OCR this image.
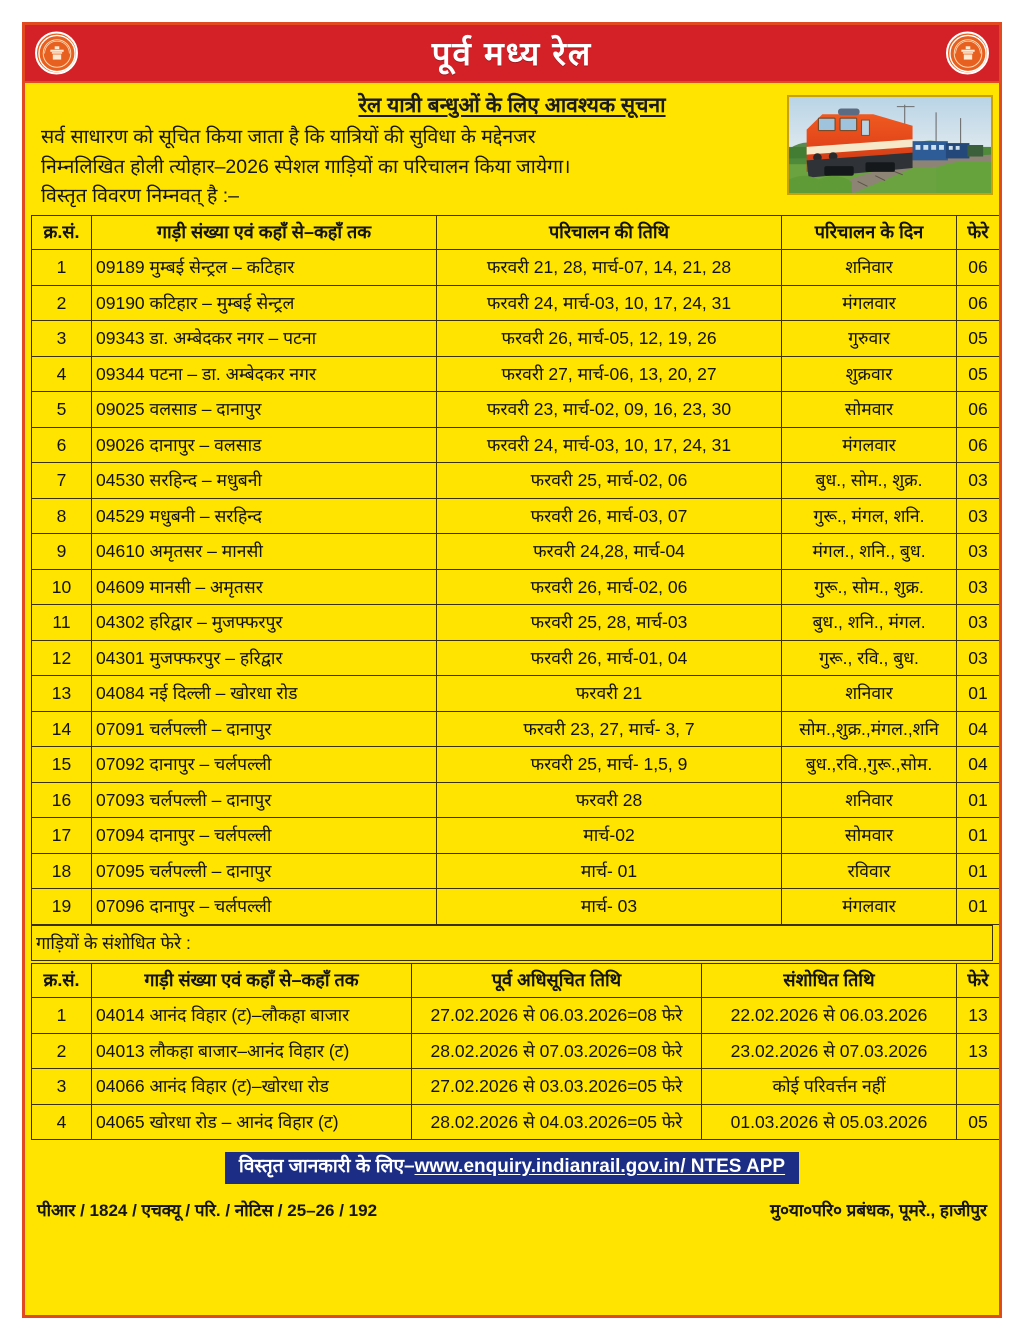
पूर्व मध्य रेल
रेल यात्री बन्धुओं के लिए आवश्यक सूचना

सर्व साधारण को सूचित किया जाता है कि यात्रियों की सुविधा के मद्देनजर

निम्नलिखित होली त्योहार–2026 स्पेशल गाड़ियों का परिचालन किया जायेगा।

विस्तृत विवरण निम्नवत् है :–

क्र.सं.	गाड़ी संख्या एवं कहाँ से–कहाँ तक	परिचालन की तिथि	परिचालन के दिन	फेरे
1	09189 मुम्बई सेन्ट्रल – कटिहार	फरवरी 21, 28, मार्च-07, 14, 21, 28	शनिवार	06
2	09190 कटिहार – मुम्बई सेन्ट्रल	फरवरी 24, मार्च-03, 10, 17, 24, 31	मंगलवार	06
3	09343 डा. अम्बेदकर नगर – पटना	फरवरी 26, मार्च-05, 12, 19, 26	गुरुवार	05
4	09344 पटना – डा. अम्बेदकर नगर	फरवरी 27, मार्च-06, 13, 20, 27	शुक्रवार	05
5	09025 वलसाड – दानापुर	फरवरी 23, मार्च-02, 09, 16, 23, 30	सोमवार	06
6	09026 दानापुर – वलसाड	फरवरी 24, मार्च-03, 10, 17, 24, 31	मंगलवार	06
7	04530 सरहिन्द – मधुबनी	फरवरी 25, मार्च-02, 06	बुध., सोम., शुक्र.	03
8	04529 मधुबनी – सरहिन्द	फरवरी 26, मार्च-03, 07	गुरू., मंगल, शनि.	03
9	04610 अमृतसर – मानसी	फरवरी 24,28, मार्च-04	मंगल., शनि., बुध.	03
10	04609 मानसी – अमृतसर	फरवरी 26, मार्च-02, 06	गुरू., सोम., शुक्र.	03
11	04302 हरिद्वार – मुजफ्फरपुर	फरवरी 25, 28, मार्च-03	बुध., शनि., मंगल.	03
12	04301 मुजफ्फरपुर – हरिद्वार	फरवरी 26, मार्च-01, 04	गुरू., रवि., बुध.	03
13	04084 नई दिल्ली – खोरधा रोड	फरवरी 21	शनिवार	01
14	07091 चर्लपल्ली – दानापुर	फरवरी 23, 27, मार्च- 3, 7	सोम.,शुक्र.,मंगल.,शनि	04
15	07092 दानापुर – चर्लपल्ली	फरवरी 25, मार्च- 1,5, 9	बुध.,रवि.,गुरू.,सोम.	04
16	07093 चर्लपल्ली – दानापुर	फरवरी 28	शनिवार	01
17	07094 दानापुर – चर्लपल्ली	मार्च-02	सोमवार	01
18	07095 चर्लपल्ली – दानापुर	मार्च- 01	रविवार	01
19	07096 दानापुर – चर्लपल्ली	मार्च- 03	मंगलवार	01
गाड़ियों के संशोधित फेरे :
क्र.सं.	गाड़ी संख्या एवं कहाँ से–कहाँ तक	पूर्व अधिसूचित तिथि	संशोधित तिथि	फेरे
1	04014 आनंद विहार (ट)–लौकहा बाजार	27.02.2026 से 06.03.2026=08 फेरे	22.02.2026 से 06.03.2026	13
2	04013 लौकहा बाजार–आनंद विहार (ट)	28.02.2026 से 07.03.2026=08 फेरे	23.02.2026 से 07.03.2026	13
3	04066 आनंद विहार (ट)–खोरधा रोड	27.02.2026 से 03.03.2026=05 फेरे	कोई परिवर्त्तन नहीं	
4	04065 खोरधा रोड – आनंद विहार (ट)	28.02.2026 से 04.03.2026=05 फेरे	01.03.2026 से 05.03.2026	05
विस्तृत जानकारी के लिए–www.enquiry.indianrail.gov.in/ NTES APP
पीआर / 1824 / एचक्यू / परि. / नोटिस / 25–26 / 192	मु०या०परि० प्रबंधक, पूमरे., हाजीपुर
